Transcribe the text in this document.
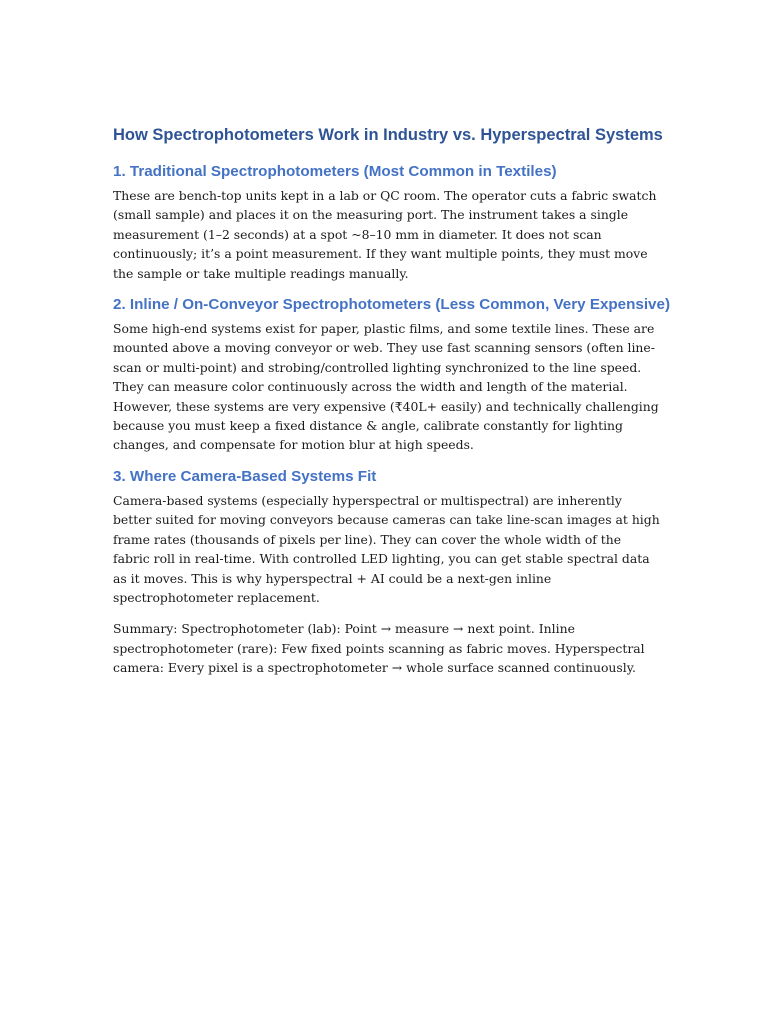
How Spectrophotometers Work in Industry vs. Hyperspectral Systems
1. Traditional Spectrophotometers (Most Common in Textiles)

These are bench-top units kept in a lab or QC room. The operator cuts a fabric swatch (small sample) and places it on the measuring port. The instrument takes a single measurement (1–2 seconds) at a spot ~8–10 mm in diameter. It does not scan continuously; it’s a point measurement. If they want multiple points, they must move the sample or take multiple readings manually.

2. Inline / On-Conveyor Spectrophotometers (Less Common, Very Expensive)

Some high-end systems exist for paper, plastic films, and some textile lines. These are mounted above a moving conveyor or web. They use fast scanning sensors (often line-scan or multi-point) and strobing/controlled lighting synchronized to the line speed. They can measure color continuously across the width and length of the material. However, these systems are very expensive (₹40L+ easily) and technically challenging because you must keep a fixed distance & angle, calibrate constantly for lighting changes, and compensate for motion blur at high speeds.

3. Where Camera-Based Systems Fit

Camera-based systems (especially hyperspectral or multispectral) are inherently better suited for moving conveyors because cameras can take line-scan images at high frame rates (thousands of pixels per line). They can cover the whole width of the fabric roll in real-time. With controlled LED lighting, you can get stable spectral data as it moves. This is why hyperspectral + AI could be a next-gen inline spectrophotometer replacement.

Summary: Spectrophotometer (lab): Point → measure → next point. Inline spectrophotometer (rare): Few fixed points scanning as fabric moves. Hyperspectral camera: Every pixel is a spectrophotometer → whole surface scanned continuously.
